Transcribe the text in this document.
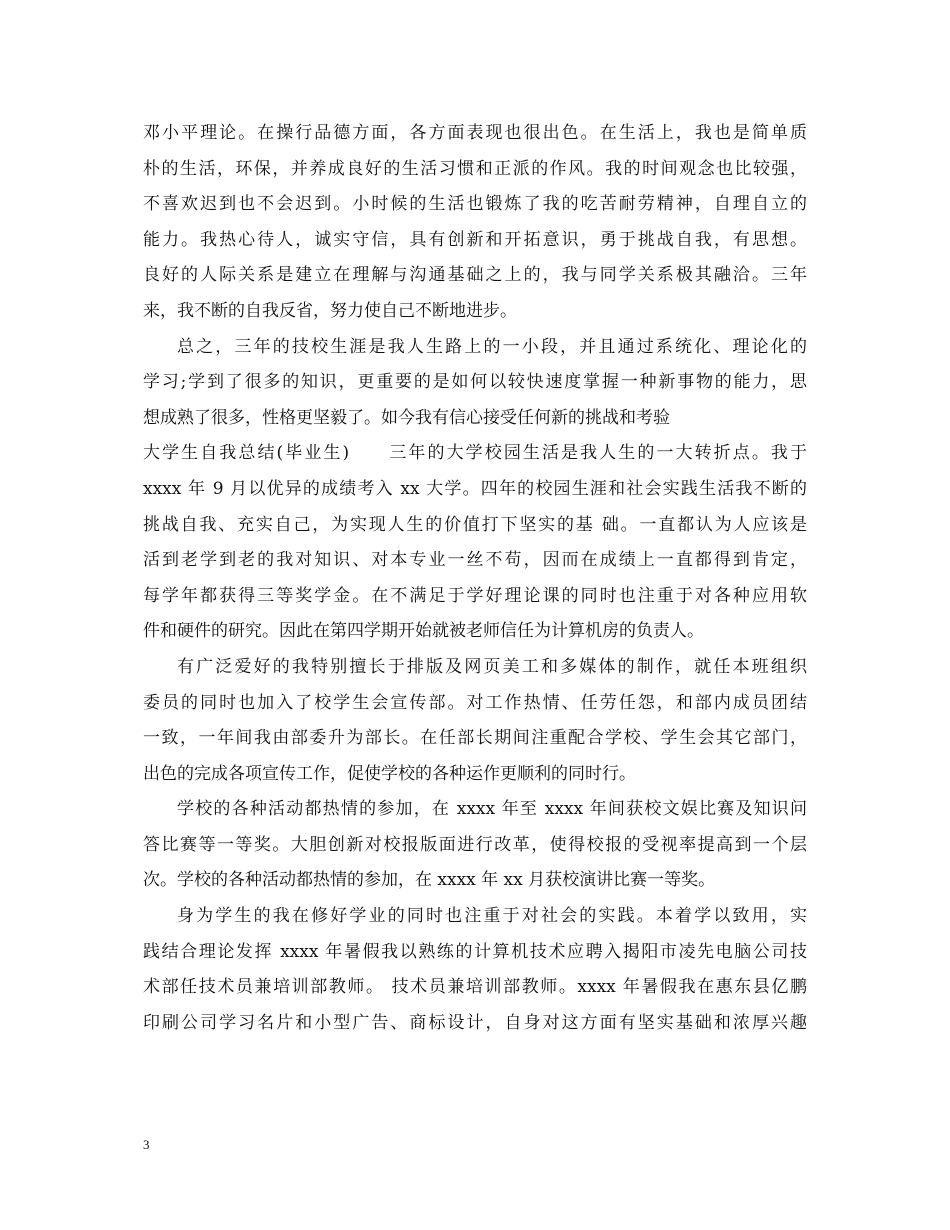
邓小平理论。在操行品德方面，各方面表现也很出色。在生活上，我也是简单质
朴的生活，环保，并养成良好的生活习惯和正派的作风。我的时间观念也比较强，
不喜欢迟到也不会迟到。小时候的生活也锻炼了我的吃苦耐劳精神，自理自立的
能力。我热心待人，诚实守信，具有创新和开拓意识，勇于挑战自我，有思想。
良好的人际关系是建立在理解与沟通基础之上的，我与同学关系极其融洽。三年
来，我不断的自我反省，努力使自己不断地进步。
总之，三年的技校生涯是我人生路上的一小段，并且通过系统化、理论化的
学习;学到了很多的知识，更重要的是如何以较快速度掌握一种新事物的能力，思
想成熟了很多，性格更坚毅了。如今我有信心接受任何新的挑战和考验
大学生自我总结(毕业生)　　三年的大学校园生活是我人生的一大转折点。我于
xxxx 年 9 月以优异的成绩考入 xx 大学。四年的校园生涯和社会实践生活我不断的
挑战自我、充实自己，为实现人生的价值打下坚实的基 础。一直都认为人应该是
活到老学到老的我对知识、对本专业一丝不苟，因而在成绩上一直都得到肯定，
每学年都获得三等奖学金。在不满足于学好理论课的同时也注重于对各种应用软
件和硬件的研究。因此在第四学期开始就被老师信任为计算机房的负责人。
有广泛爱好的我特别擅长于排版及网页美工和多媒体的制作，就任本班组织
委员的同时也加入了校学生会宣传部。对工作热情、任劳任怨，和部内成员团结
一致，一年间我由部委升为部长。在任部长期间注重配合学校、学生会其它部门，
出色的完成各项宣传工作，促使学校的各种运作更顺利的同时行。
学校的各种活动都热情的参加，在 xxxx 年至 xxxx 年间获校文娱比赛及知识问
答比赛等一等奖。大胆创新对校报版面进行改革，使得校报的受视率提高到一个层
次。学校的各种活动都热情的参加，在 xxxx 年 xx 月获校演讲比赛一等奖。
身为学生的我在修好学业的同时也注重于对社会的实践。本着学以致用，实
践结合理论发挥 xxxx 年暑假我以熟练的计算机技术应聘入揭阳市凌先电脑公司技
术部任技术员兼培训部教师。 技术员兼培训部教师。xxxx 年暑假我在惠东县亿鹏
印刷公司学习名片和小型广告、商标设计，自身对这方面有坚实基础和浓厚兴趣
3
